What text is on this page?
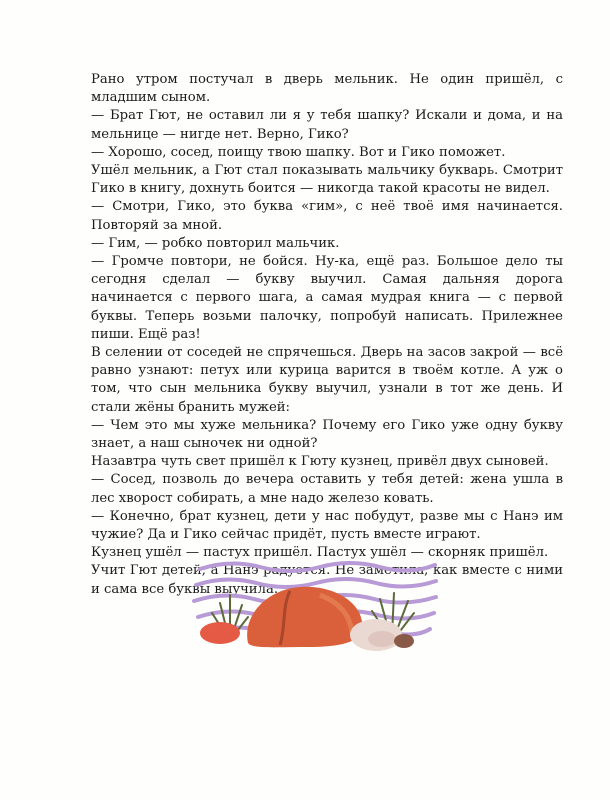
Рано утром постучал в дверь мельник. Не один пришёл, с младшим сыном.

— Брат Гют, не оставил ли я у тебя шапку? Искали и дома, и на мельнице — нигде нет. Верно, Гико?

— Хорошо, сосед, поищу твою шапку. Вот и Гико поможет.

Ушёл мельник, а Гют стал показывать мальчику букварь. Смотрит Гико в книгу, дохнуть боится — никогда такой красоты не видел.

— Смотри, Гико, это буква «гим», с неё твоё имя начинается. Повторяй за мной.

— Гим, — робко повторил мальчик.

— Громче повтори, не бойся. Ну-ка, ещё раз. Большое дело ты сегодня сделал — букву выучил. Самая дальняя дорога начинается с первого шага, а самая мудрая книга — с первой буквы. Теперь возьми палочку, попробуй написать. Прилежнее пиши. Ещё раз!

В селении от соседей не спрячешься. Дверь на засов закрой — всё равно узнают: петух или курица варится в твоём котле. А уж о том, что сын мельника букву выучил, узнали в тот же день. И стали жёны бранить мужей:

— Чем это мы хуже мельника? Почему его Гико уже одну букву знает, а наш сыночек ни одной?

Назавтра чуть свет пришёл к Гюту кузнец, привёл двух сыновей.

— Сосед, позволь до вечера оставить у тебя детей: жена ушла в лес хворост собирать, а мне надо железо ковать.

— Конечно, брат кузнец, дети у нас побудут, разве мы с Нанэ им чужие? Да и Гико сейчас придёт, пусть вместе играют.

Кузнец ушёл — пастух пришёл. Пастух ушёл — скорняк пришёл.

Учит Гют детей, а Нанэ радуется. Не заметила, как вместе с ними и сама все буквы выучила.
